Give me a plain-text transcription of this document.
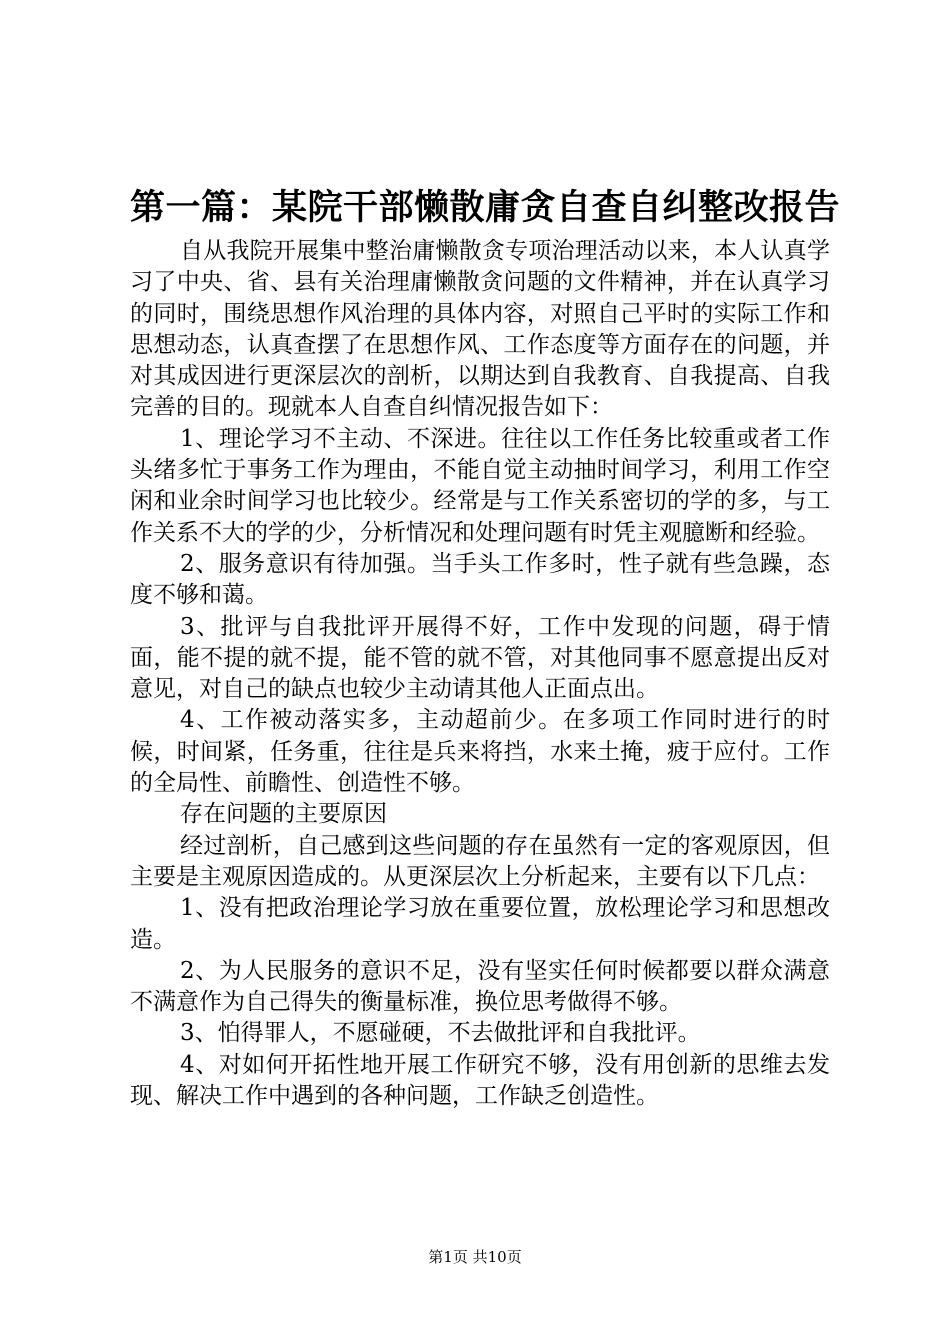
第一篇：某院干部懒散庸贪自查自纠整改报告

自从我院开展集中整治庸懒散贪专项治理活动以来，本人认真学习了中央、省、县有关治理庸懒散贪问题的文件精神，并在认真学习的同时，围绕思想作风治理的具体内容，对照自己平时的实际工作和思想动态，认真查摆了在思想作风、工作态度等方面存在的问题，并对其成因进行更深层次的剖析，以期达到自我教育、自我提高、自我完善的目的。现就本人自查自纠情况报告如下：

1、理论学习不主动、不深进。往往以工作任务比较重或者工作头绪多忙于事务工作为理由，不能自觉主动抽时间学习，利用工作空闲和业余时间学习也比较少。经常是与工作关系密切的学的多，与工作关系不大的学的少，分析情况和处理问题有时凭主观臆断和经验。

2、服务意识有待加强。当手头工作多时，性子就有些急躁，态度不够和蔼。

3、批评与自我批评开展得不好，工作中发现的问题，碍于情面，能不提的就不提，能不管的就不管，对其他同事不愿意提出反对意见，对自己的缺点也较少主动请其他人正面点出。

4、工作被动落实多，主动超前少。在多项工作同时进行的时候，时间紧，任务重，往往是兵来将挡，水来土掩，疲于应付。工作的全局性、前瞻性、创造性不够。

存在问题的主要原因

经过剖析，自己感到这些问题的存在虽然有一定的客观原因，但主要是主观原因造成的。从更深层次上分析起来，主要有以下几点：

1、没有把政治理论学习放在重要位置，放松理论学习和思想改造。

2、为人民服务的意识不足，没有坚实任何时候都要以群众满意不满意作为自己得失的衡量标准，换位思考做得不够。

3、怕得罪人，不愿碰硬，不去做批评和自我批评。

4、对如何开拓性地开展工作研究不够，没有用创新的思维去发现、解决工作中遇到的各种问题，工作缺乏创造性。

第1页 共10页
